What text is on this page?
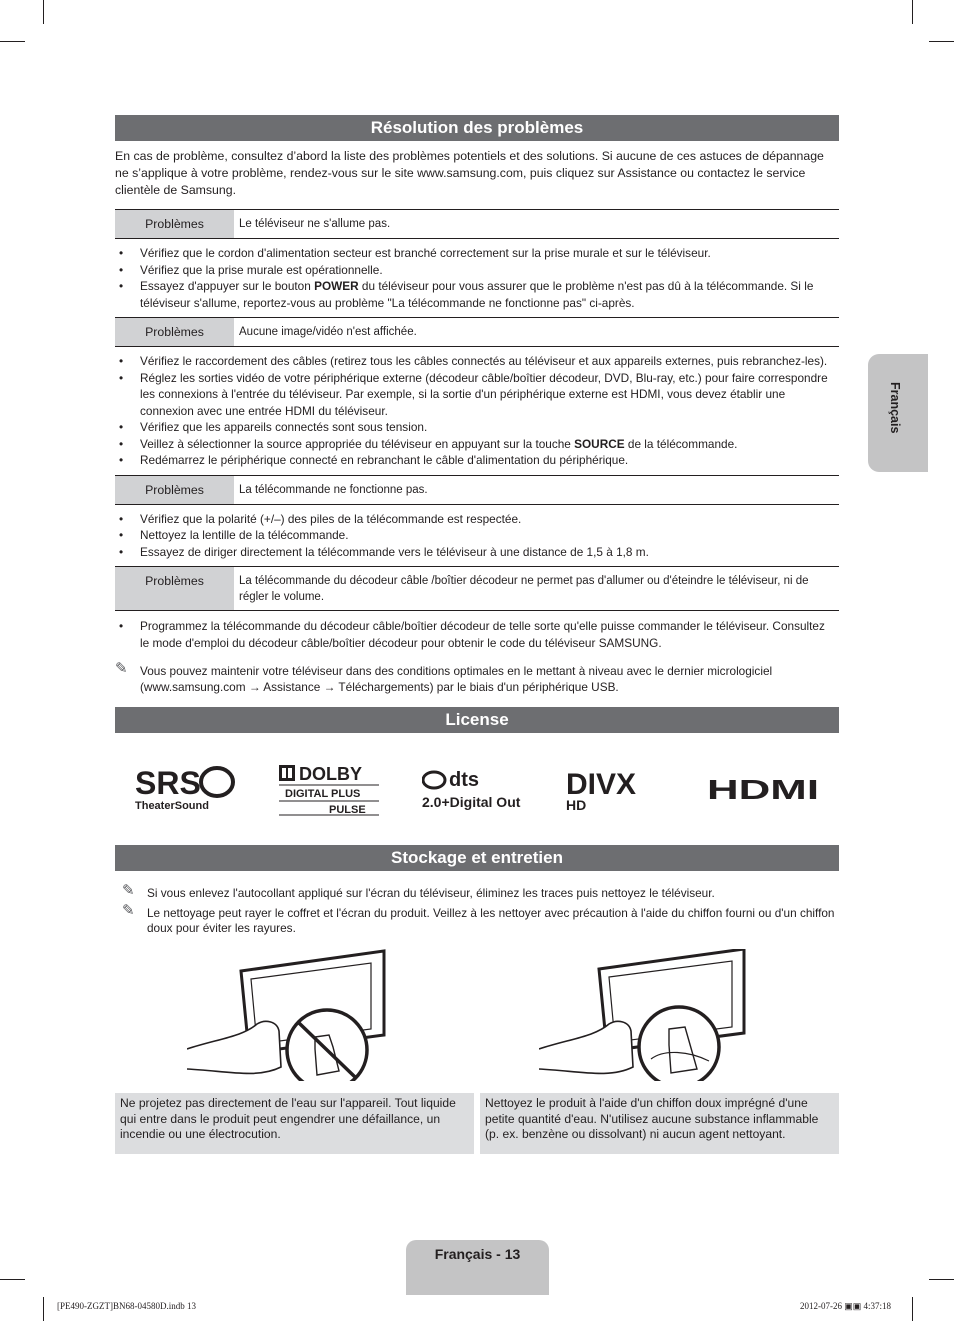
Français
Résolution des problèmes

En cas de problème, consultez d’abord la liste des problèmes potentiels et des solutions. Si aucune de ces astuces de dépannage ne s’applique à votre problème, rendez-vous sur le site www.samsung.com, puis cliquez sur Assistance ou contactez le service clientèle de Samsung.

Problèmes	Le téléviseur ne s'allume pas.
• Vérifiez que le cordon d'alimentation secteur est branché correctement sur la prise murale et sur le téléviseur.
• Vérifiez que la prise murale est opérationnelle.
• Essayez d'appuyer sur le bouton POWER du téléviseur pour vous assurer que le problème n'est pas dû à la télécommande. Si le téléviseur s'allume, reportez-vous au problème "La télécommande ne fonctionne pas" ci-après.
Problèmes	Aucune image/vidéo n'est affichée.
• Vérifiez le raccordement des câbles (retirez tous les câbles connectés au téléviseur et aux appareils externes, puis rebranchez-les).
• Réglez les sorties vidéo de votre périphérique externe (décodeur câble/boîtier décodeur, DVD, Blu-ray, etc.) pour faire correspondre les connexions à l'entrée du téléviseur. Par exemple, si la sortie d'un périphérique externe est HDMI, vous devez établir une connexion avec une entrée HDMI du téléviseur.
• Vérifiez que les appareils connectés sont sous tension.
• Veillez à sélectionner la source appropriée du téléviseur en appuyant sur la touche SOURCE de la télécommande.
• Redémarrez le périphérique connecté en rebranchant le câble d'alimentation du périphérique.
Problèmes	La télécommande ne fonctionne pas.
• Vérifiez que la polarité (+/–) des piles de la télécommande est respectée.
• Nettoyez la lentille de la télécommande.
• Essayez de diriger directement la télécommande vers le téléviseur à une distance de 1,5 à 1,8 m.
Problèmes	La télécommande du décodeur câble /boîtier décodeur ne permet pas d'allumer ou d'éteindre le téléviseur, ni de régler le volume.
• Programmez la télécommande du décodeur câble/boîtier décodeur de telle sorte qu'elle puisse commander le téléviseur. Consultez le mode d'emploi du décodeur câble/boîtier décodeur pour obtenir le code du téléviseur SAMSUNG.
✎ Vous pouvez maintenir votre téléviseur dans des conditions optimales en le mettant à niveau avec le dernier micrologiciel (www.samsung.com → Assistance → Téléchargements) par le biais d'un périphérique USB.
License
SRS
TheaterSound
DOLBY
DIGITAL PLUS
PULSE
dts
2.0+Digital Out
DIVX
HD	HDMI
Stockage et entretien
✎ Si vous enlevez l'autocollant appliqué sur l'écran du téléviseur, éliminez les traces puis nettoyez le téléviseur.
✎ Le nettoyage peut rayer le coffret et l'écran du produit. Veillez à les nettoyer avec précaution à l'aide du chiffon fourni ou d'un chiffon doux pour éviter les rayures.
Ne projetez pas directement de l'eau sur l'appareil. Tout liquide qui entre dans le produit peut engendrer une défaillance, un incendie ou une électrocution.
Nettoyez le produit à l'aide d'un chiffon doux imprégné d'une petite quantité d'eau. N'utilisez aucune substance inflammable (p. ex. benzène ou dissolvant) ni aucun agent nettoyant.
Français - 13
[PE490-ZGZT]BN68-04580D.indb 13	2012-07-26 ▣▣ 4:37:18
